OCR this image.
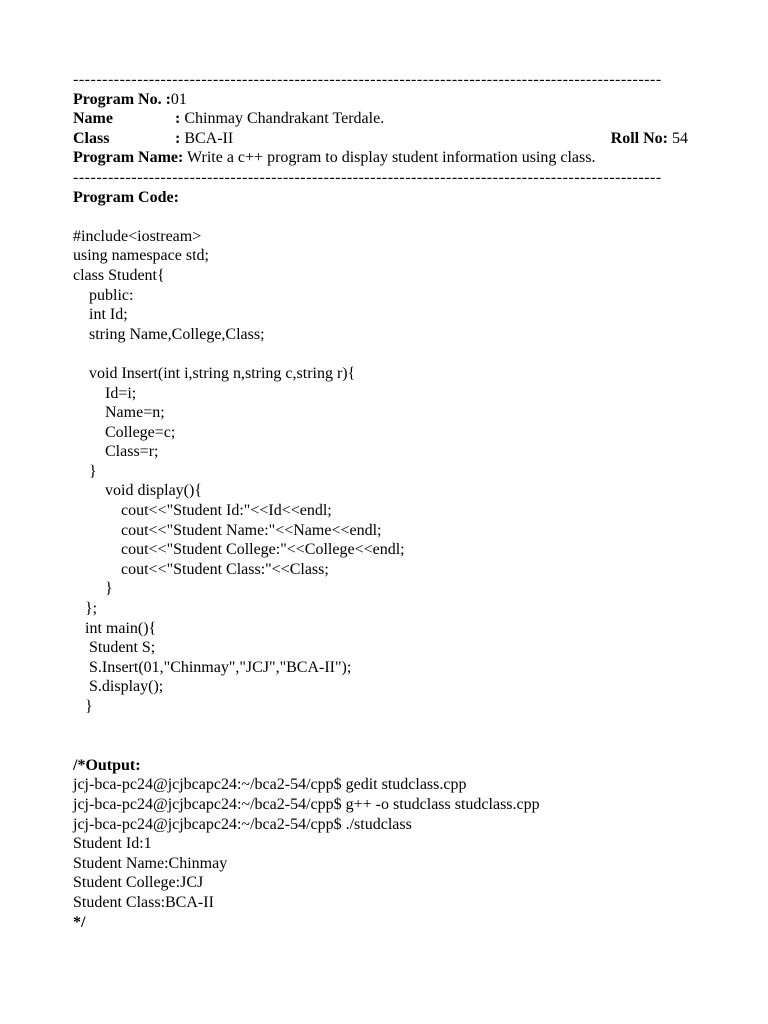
-----------------------------------------------------------------------------------------------------
Program No. :01
Name	: Chinmay Chandrakant Terdale.
Class	: BCA-II	Roll No: 54
Program Name: Write a c++ program to display student information using class.
-----------------------------------------------------------------------------------------------------
Program Code:
#include<iostream>
using namespace std;
class Student{
public:
int Id;
string Name,College,Class;
void Insert(int i,string n,string c,string r){
Id=i;
Name=n;
College=c;
Class=r;
}
void display(){
cout<<"Student Id:"<<Id<<endl;
cout<<"Student Name:"<<Name<<endl;
cout<<"Student College:"<<College<<endl;
cout<<"Student Class:"<<Class;
}
};
int main(){
Student S;
S.Insert(01,"Chinmay","JCJ","BCA-II");
S.display();
}
/*Output:
jcj-bca-pc24@jcjbcapc24:~/bca2-54/cpp$ gedit studclass.cpp
jcj-bca-pc24@jcjbcapc24:~/bca2-54/cpp$ g++ -o studclass studclass.cpp
jcj-bca-pc24@jcjbcapc24:~/bca2-54/cpp$ ./studclass
Student Id:1
Student Name:Chinmay
Student College:JCJ
Student Class:BCA-II
*/
